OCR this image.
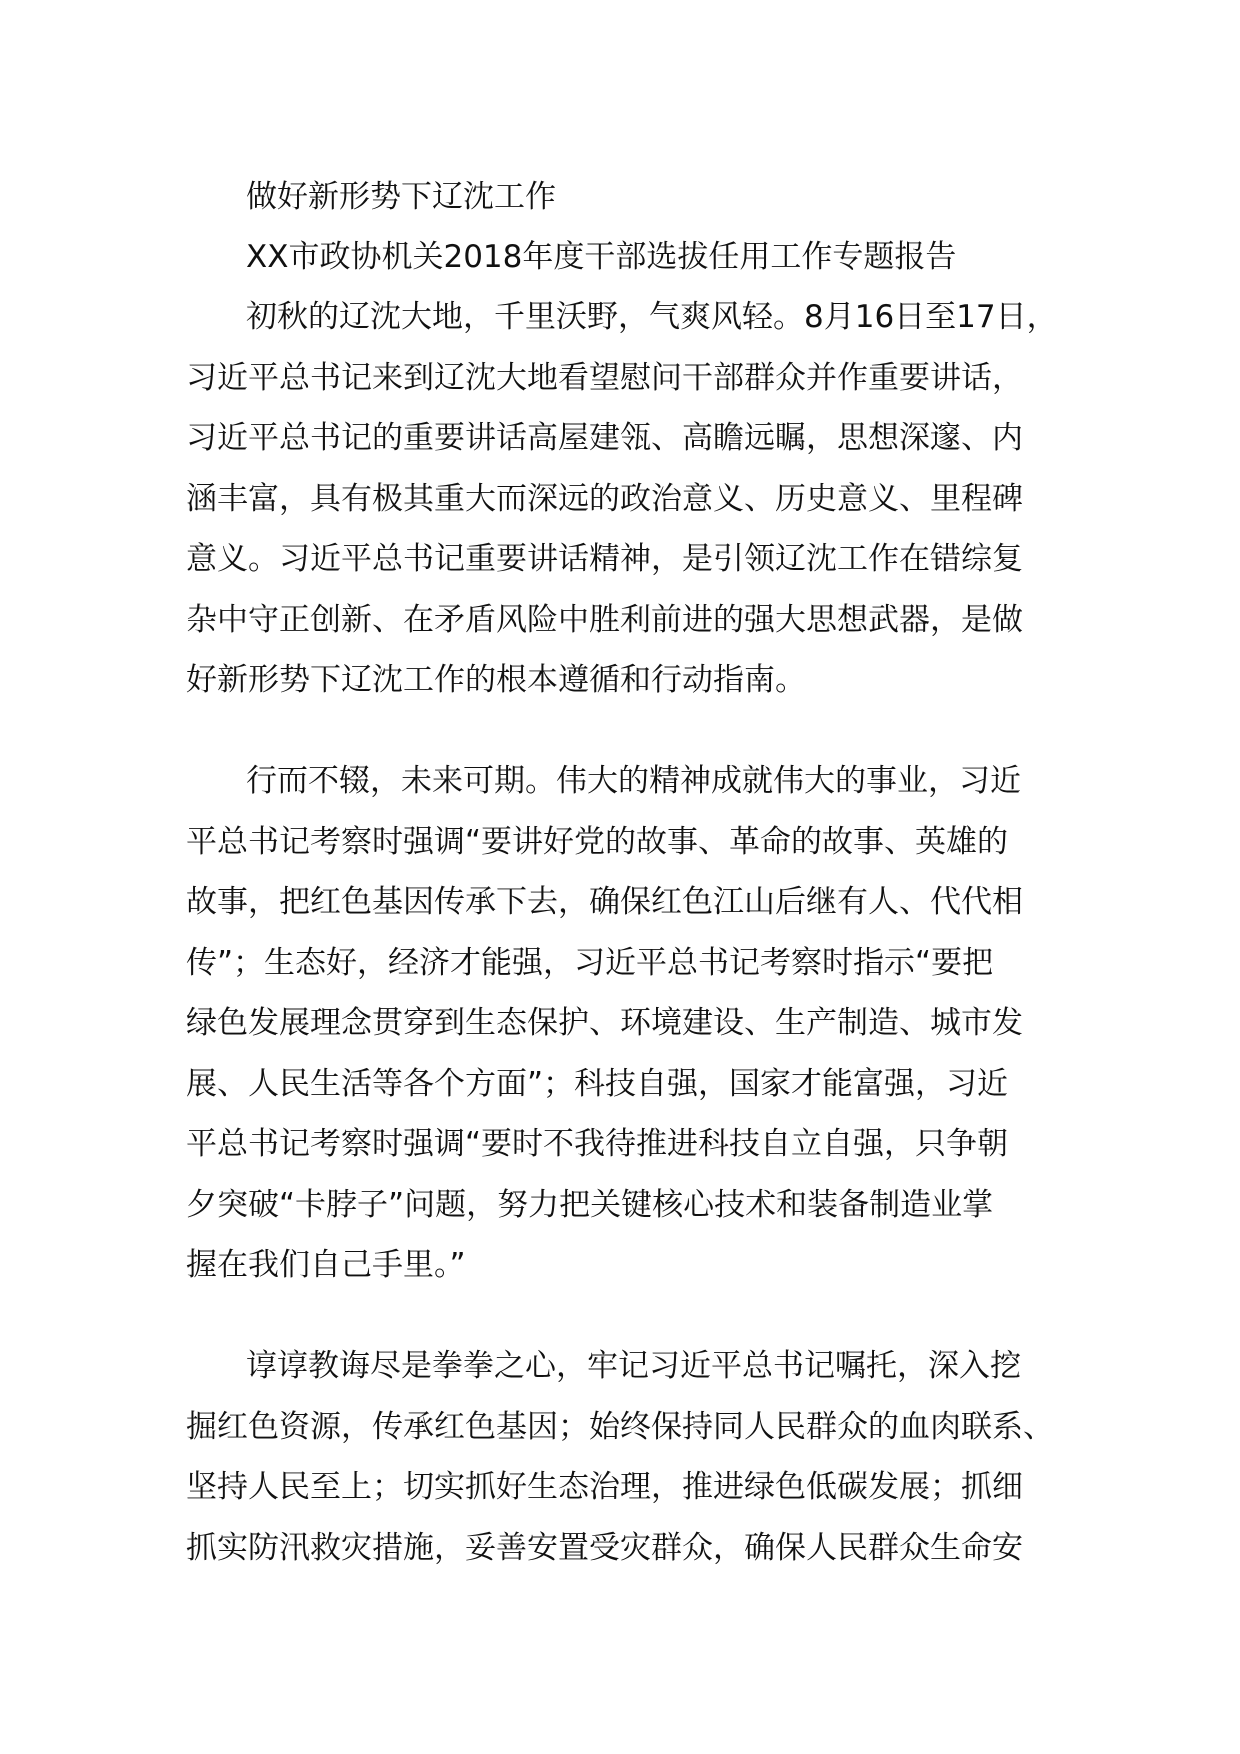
做好新形势下辽沈工作
XX市政协机关2018年度干部选拔任用工作专题报告
初秋的辽沈大地，千里沃野，气爽风轻。8月16日至17日，
习近平总书记来到辽沈大地看望慰问干部群众并作重要讲话，
习近平总书记的重要讲话高屋建瓴、高瞻远瞩，思想深邃、内
涵丰富，具有极其重大而深远的政治意义、历史意义、里程碑
意义。习近平总书记重要讲话精神，是引领辽沈工作在错综复
杂中守正创新、在矛盾风险中胜利前进的强大思想武器，是做
好新形势下辽沈工作的根本遵循和行动指南。
行而不辍，未来可期。伟大的精神成就伟大的事业，习近
平总书记考察时强调“要讲好党的故事、革命的故事、英雄的
故事，把红色基因传承下去，确保红色江山后继有人、代代相
传”；生态好，经济才能强，习近平总书记考察时指示“要把
绿色发展理念贯穿到生态保护、环境建设、生产制造、城市发
展、人民生活等各个方面”；科技自强，国家才能富强，习近
平总书记考察时强调“要时不我待推进科技自立自强，只争朝
夕突破“卡脖子”问题，努力把关键核心技术和装备制造业掌
握在我们自己手里。”
谆谆教诲尽是拳拳之心，牢记习近平总书记嘱托，深入挖
掘红色资源，传承红色基因；始终保持同人民群众的血肉联系、
坚持人民至上；切实抓好生态治理，推进绿色低碳发展；抓细
抓实防汛救灾措施，妥善安置受灾群众，确保人民群众生命安
